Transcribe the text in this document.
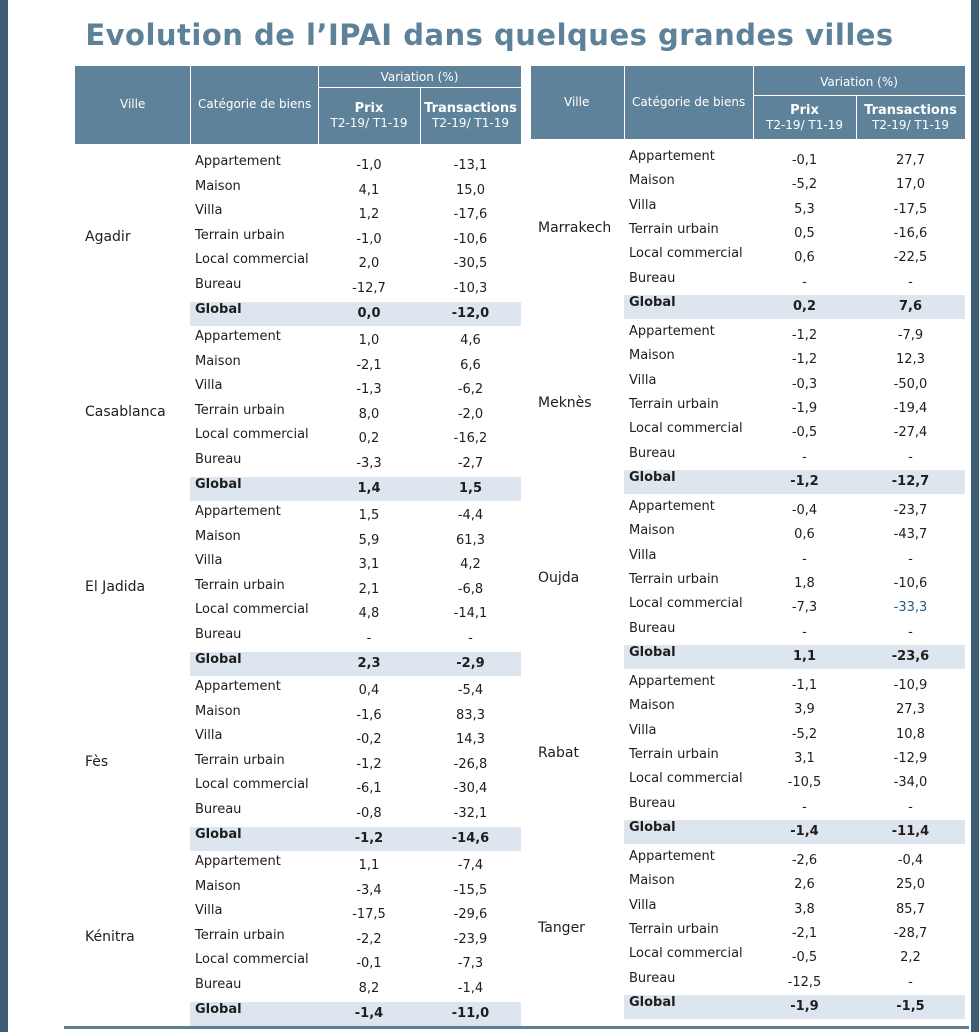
Evolution de l’IPAI dans quelques grandes villes
Ville	Catégorie de biens
Variation (%)
Prix
T2-19/ T1-19
Transactions
T2-19/ T1-19
Agadir
Appartement	-1,0	-13,1
Maison	4,1	15,0
Villa	1,2	-17,6
Terrain urbain	-1,0	-10,6
Local commercial	2,0	-30,5
Bureau	-12,7	-10,3
Global	0,0	-12,0
Casablanca
Appartement	1,0	4,6
Maison	-2,1	6,6
Villa	-1,3	-6,2
Terrain urbain	8,0	-2,0
Local commercial	0,2	-16,2
Bureau	-3,3	-2,7
Global	1,4	1,5
El Jadida
Appartement	1,5	-4,4
Maison	5,9	61,3
Villa	3,1	4,2
Terrain urbain	2,1	-6,8
Local commercial	4,8	-14,1
Bureau	-	-
Global	2,3	-2,9
Fès
Appartement	0,4	-5,4
Maison	-1,6	83,3
Villa	-0,2	14,3
Terrain urbain	-1,2	-26,8
Local commercial	-6,1	-30,4
Bureau	-0,8	-32,1
Global	-1,2	-14,6
Kénitra
Appartement	1,1	-7,4
Maison	-3,4	-15,5
Villa	-17,5	-29,6
Terrain urbain	-2,2	-23,9
Local commercial	-0,1	-7,3
Bureau	8,2	-1,4
Global	-1,4	-11,0
Ville	Catégorie de biens
Variation (%)
Prix
T2-19/ T1-19
Transactions
T2-19/ T1-19
Marrakech
Appartement	-0,1	27,7
Maison	-5,2	17,0
Villa	5,3	-17,5
Terrain urbain	0,5	-16,6
Local commercial	0,6	-22,5
Bureau	-	-
Global	0,2	7,6
Meknès
Appartement	-1,2	-7,9
Maison	-1,2	12,3
Villa	-0,3	-50,0
Terrain urbain	-1,9	-19,4
Local commercial	-0,5	-27,4
Bureau	-	-
Global	-1,2	-12,7
Oujda
Appartement	-0,4	-23,7
Maison	0,6	-43,7
Villa	-	-
Terrain urbain	1,8	-10,6
Local commercial	-7,3	-33,3
Bureau	-	-
Global	1,1	-23,6
Rabat
Appartement	-1,1	-10,9
Maison	3,9	27,3
Villa	-5,2	10,8
Terrain urbain	3,1	-12,9
Local commercial	-10,5	-34,0
Bureau	-	-
Global	-1,4	-11,4
Tanger
Appartement	-2,6	-0,4
Maison	2,6	25,0
Villa	3,8	85,7
Terrain urbain	-2,1	-28,7
Local commercial	-0,5	2,2
Bureau	-12,5	-
Global	-1,9	-1,5
